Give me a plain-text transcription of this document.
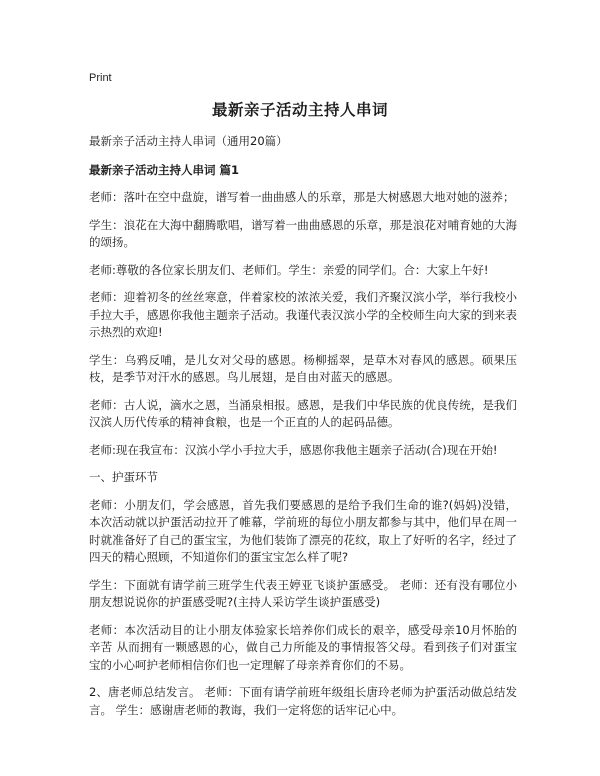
Print
最新亲子活动主持人串词
最新亲子活动主持人串词（通用20篇）
最新亲子活动主持人串词 篇1

老师：落叶在空中盘旋，谱写着一曲曲感人的乐章，那是大树感恩大地对她的滋养；

学生：浪花在大海中翻腾歌唱，谱写着一曲曲感恩的乐章，那是浪花对哺育她的大海的颂扬。

老师:尊敬的各位家长朋友们、老师们。学生：亲爱的同学们。合：大家上午好!

老师：迎着初冬的丝丝寒意，伴着家校的浓浓关爱，我们齐聚汉滨小学，举行我校小手拉大手，感恩你我他主题亲子活动。我谨代表汉滨小学的全校师生向大家的到来表示热烈的欢迎!

学生：乌鸦反哺，是儿女对父母的感恩。杨柳摇翠，是草木对春风的感恩。硕果压枝，是季节对汗水的感恩。鸟儿展翅，是自由对蓝天的感恩。

老师：古人说，滴水之恩，当涌泉相报。感恩，是我们中华民族的优良传统，是我们汉滨人历代传承的精神食粮，也是一个正直的人的起码品德。

老师:现在我宣布：汉滨小学小手拉大手，感恩你我他主题亲子活动(合)现在开始!

一、护蛋环节

老师：小朋友们，学会感恩，首先我们要感恩的是给予我们生命的谁?(妈妈)没错，本次活动就以护蛋活动拉开了帷幕，学前班的每位小朋友都参与其中，他们早在周一时就准备好了自己的蛋宝宝，为他们装饰了漂亮的花纹，取上了好听的名字，经过了四天的精心照顾，不知道你们的蛋宝宝怎么样了呢?

学生：下面就有请学前三班学生代表王婷亚飞谈护蛋感受。 老师：还有没有哪位小朋友想说说你的护蛋感受呢?(主持人采访学生谈护蛋感受)

老师：本次活动目的让小朋友体验家长培养你们成长的艰辛，感受母亲10月怀胎的辛苦 从而拥有一颗感恩的心，做自己力所能及的事情报答父母。看到孩子们对蛋宝宝的小心呵护老师相信你们也一定理解了母亲养育你们的不易。

2、唐老师总结发言。 老师：下面有请学前班年级组长唐玲老师为护蛋活动做总结发言。 学生：感谢唐老师的教诲，我们一定将您的话牢记心中。
